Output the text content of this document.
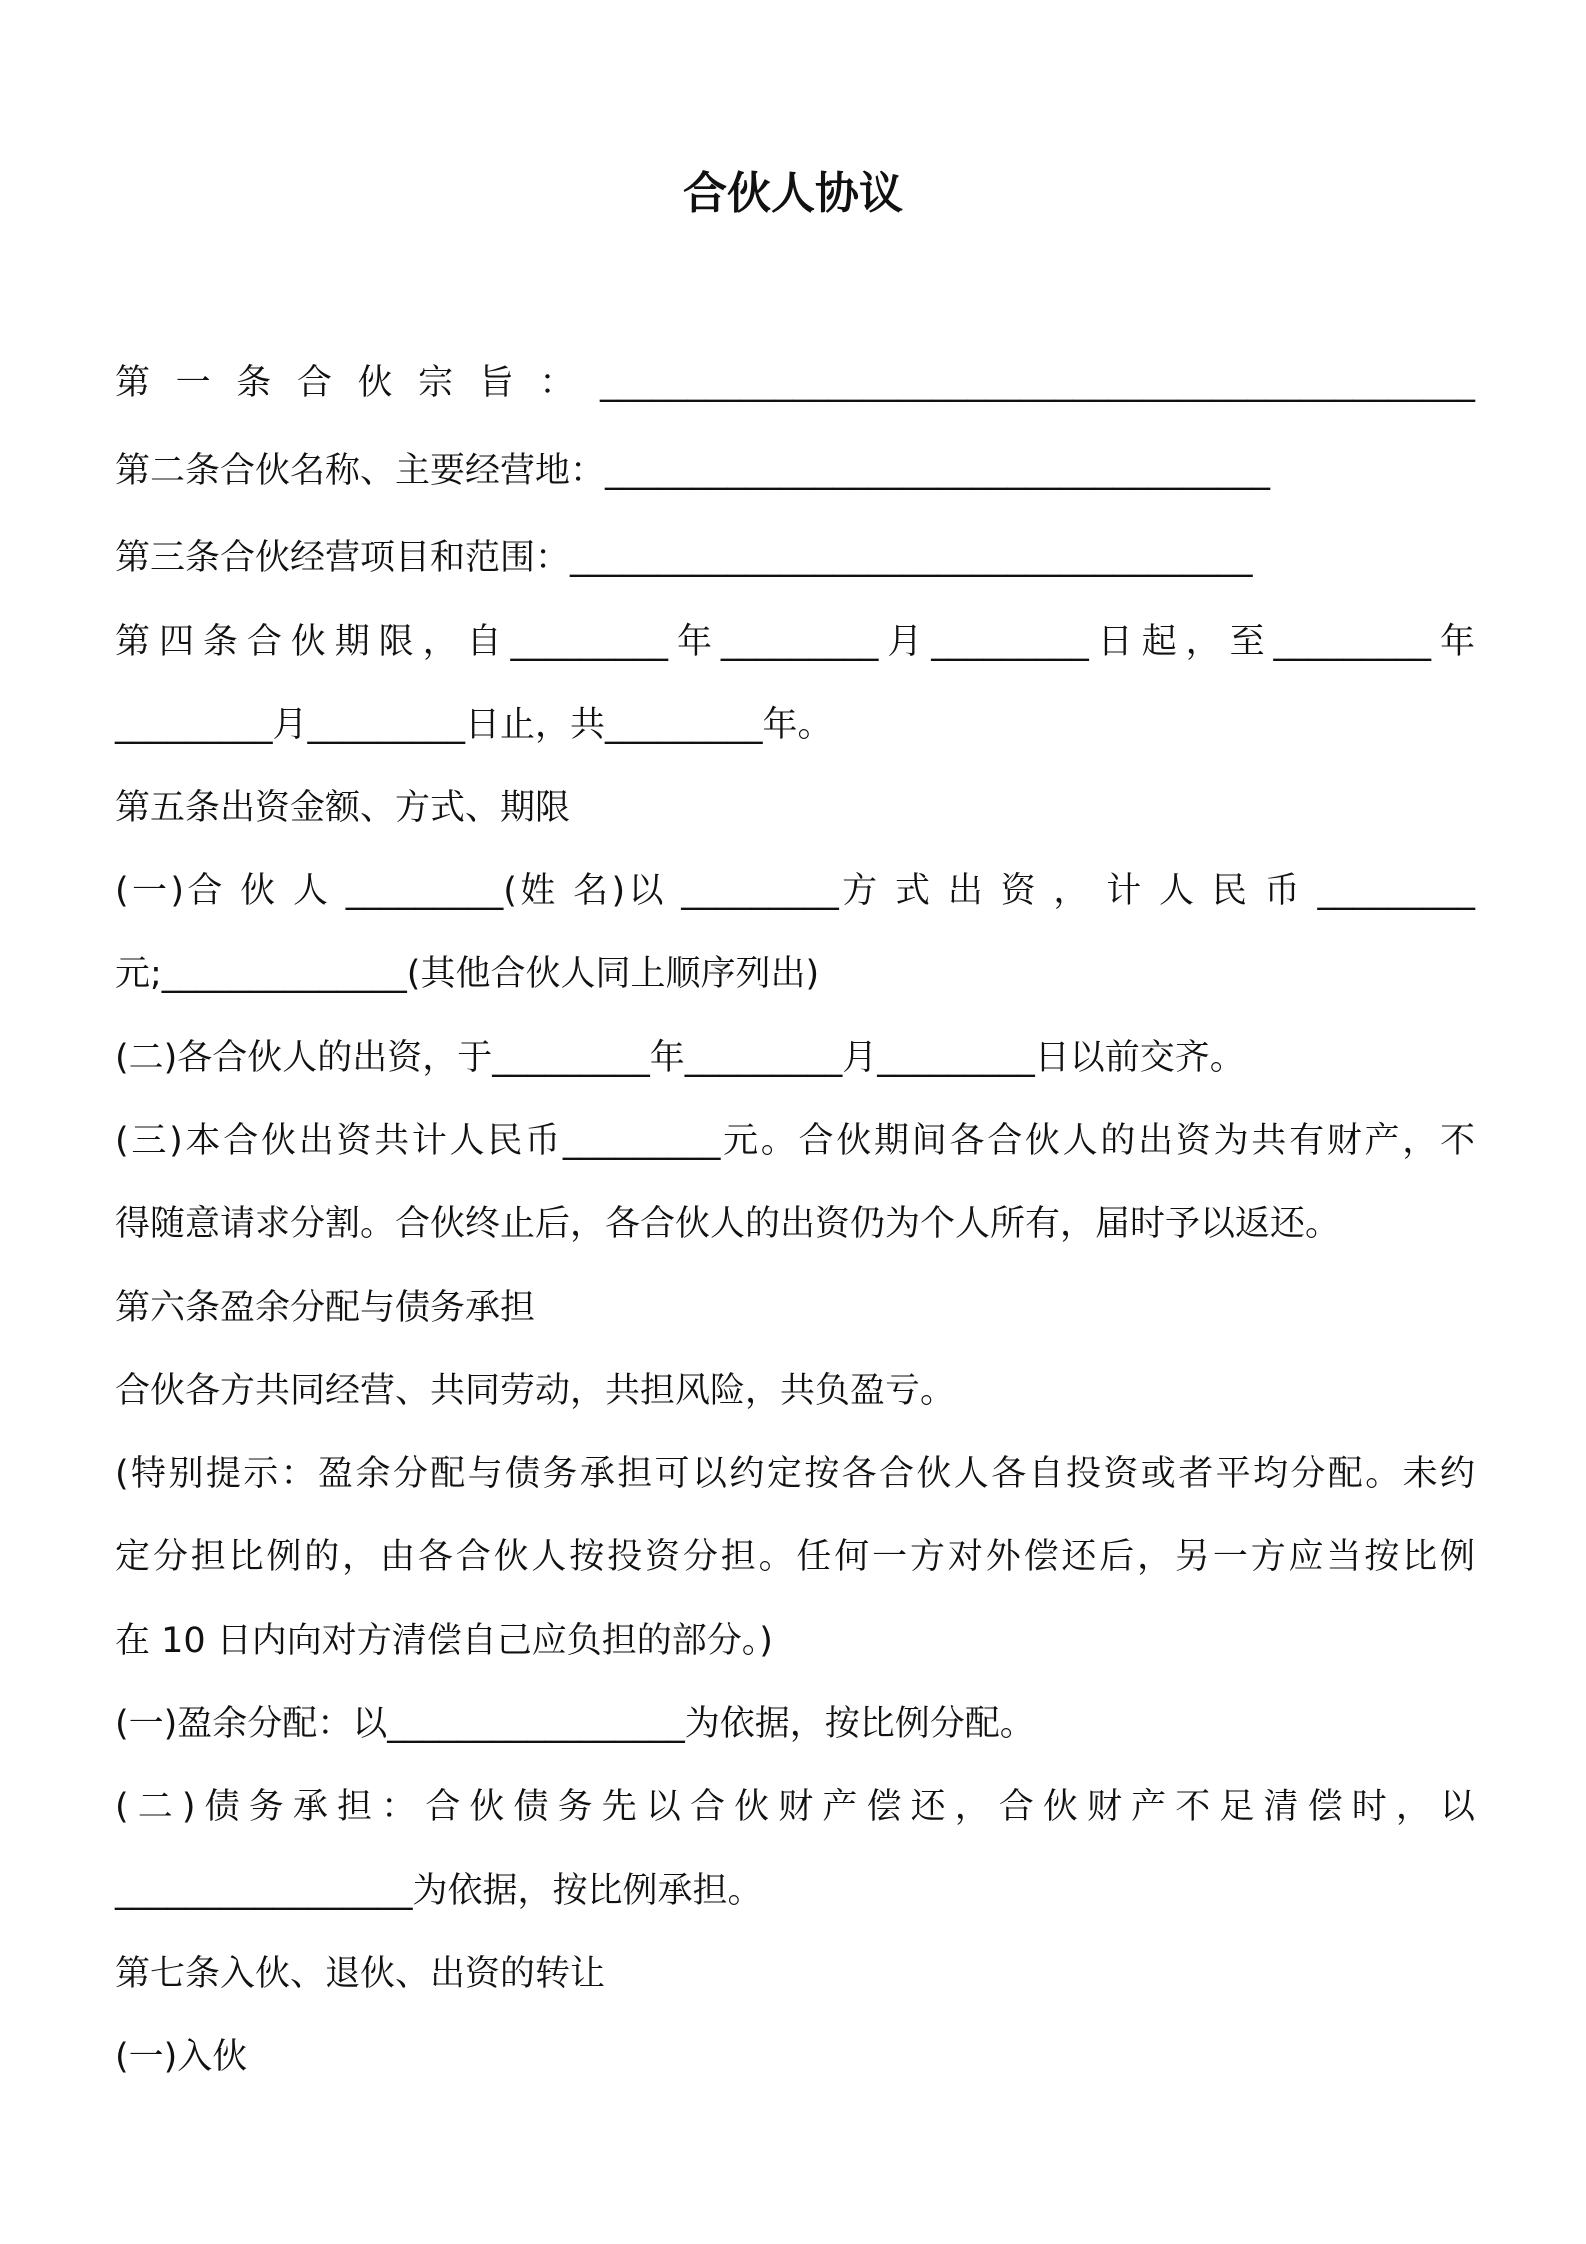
合伙人协议
第一条合伙宗旨：__________________________________________________
第二条合伙名称、主要经营地：______________________________________
第三条合伙经营项目和范围：_______________________________________
第四条合伙期限，自_________年_________月_________日起，至_________年
_________月_________日止，共_________年。
第五条出资金额、方式、期限
(一)合 伙 人 _________(姓 名)以 _________方 式 出 资 ， 计 人 民 币 _________
元;______________(其他合伙人同上顺序列出)
(二)各合伙人的出资，于_________年_________月_________日以前交齐。
(三)本合伙出资共计人民币_________元。合伙期间各合伙人的出资为共有财产，不
得随意请求分割。合伙终止后，各合伙人的出资仍为个人所有，届时予以返还。
第六条盈余分配与债务承担
合伙各方共同经营、共同劳动，共担风险，共负盈亏。
(特别提示：盈余分配与债务承担可以约定按各合伙人各自投资或者平均分配。未约
定分担比例的，由各合伙人按投资分担。任何一方对外偿还后，另一方应当按比例
在 10 日内向对方清偿自己应负担的部分。)
(一)盈余分配：以_________________为依据，按比例分配。
(二)债务承担：合伙债务先以合伙财产偿还，合伙财产不足清偿时，以
_________________为依据，按比例承担。
第七条入伙、退伙、出资的转让
(一)入伙
